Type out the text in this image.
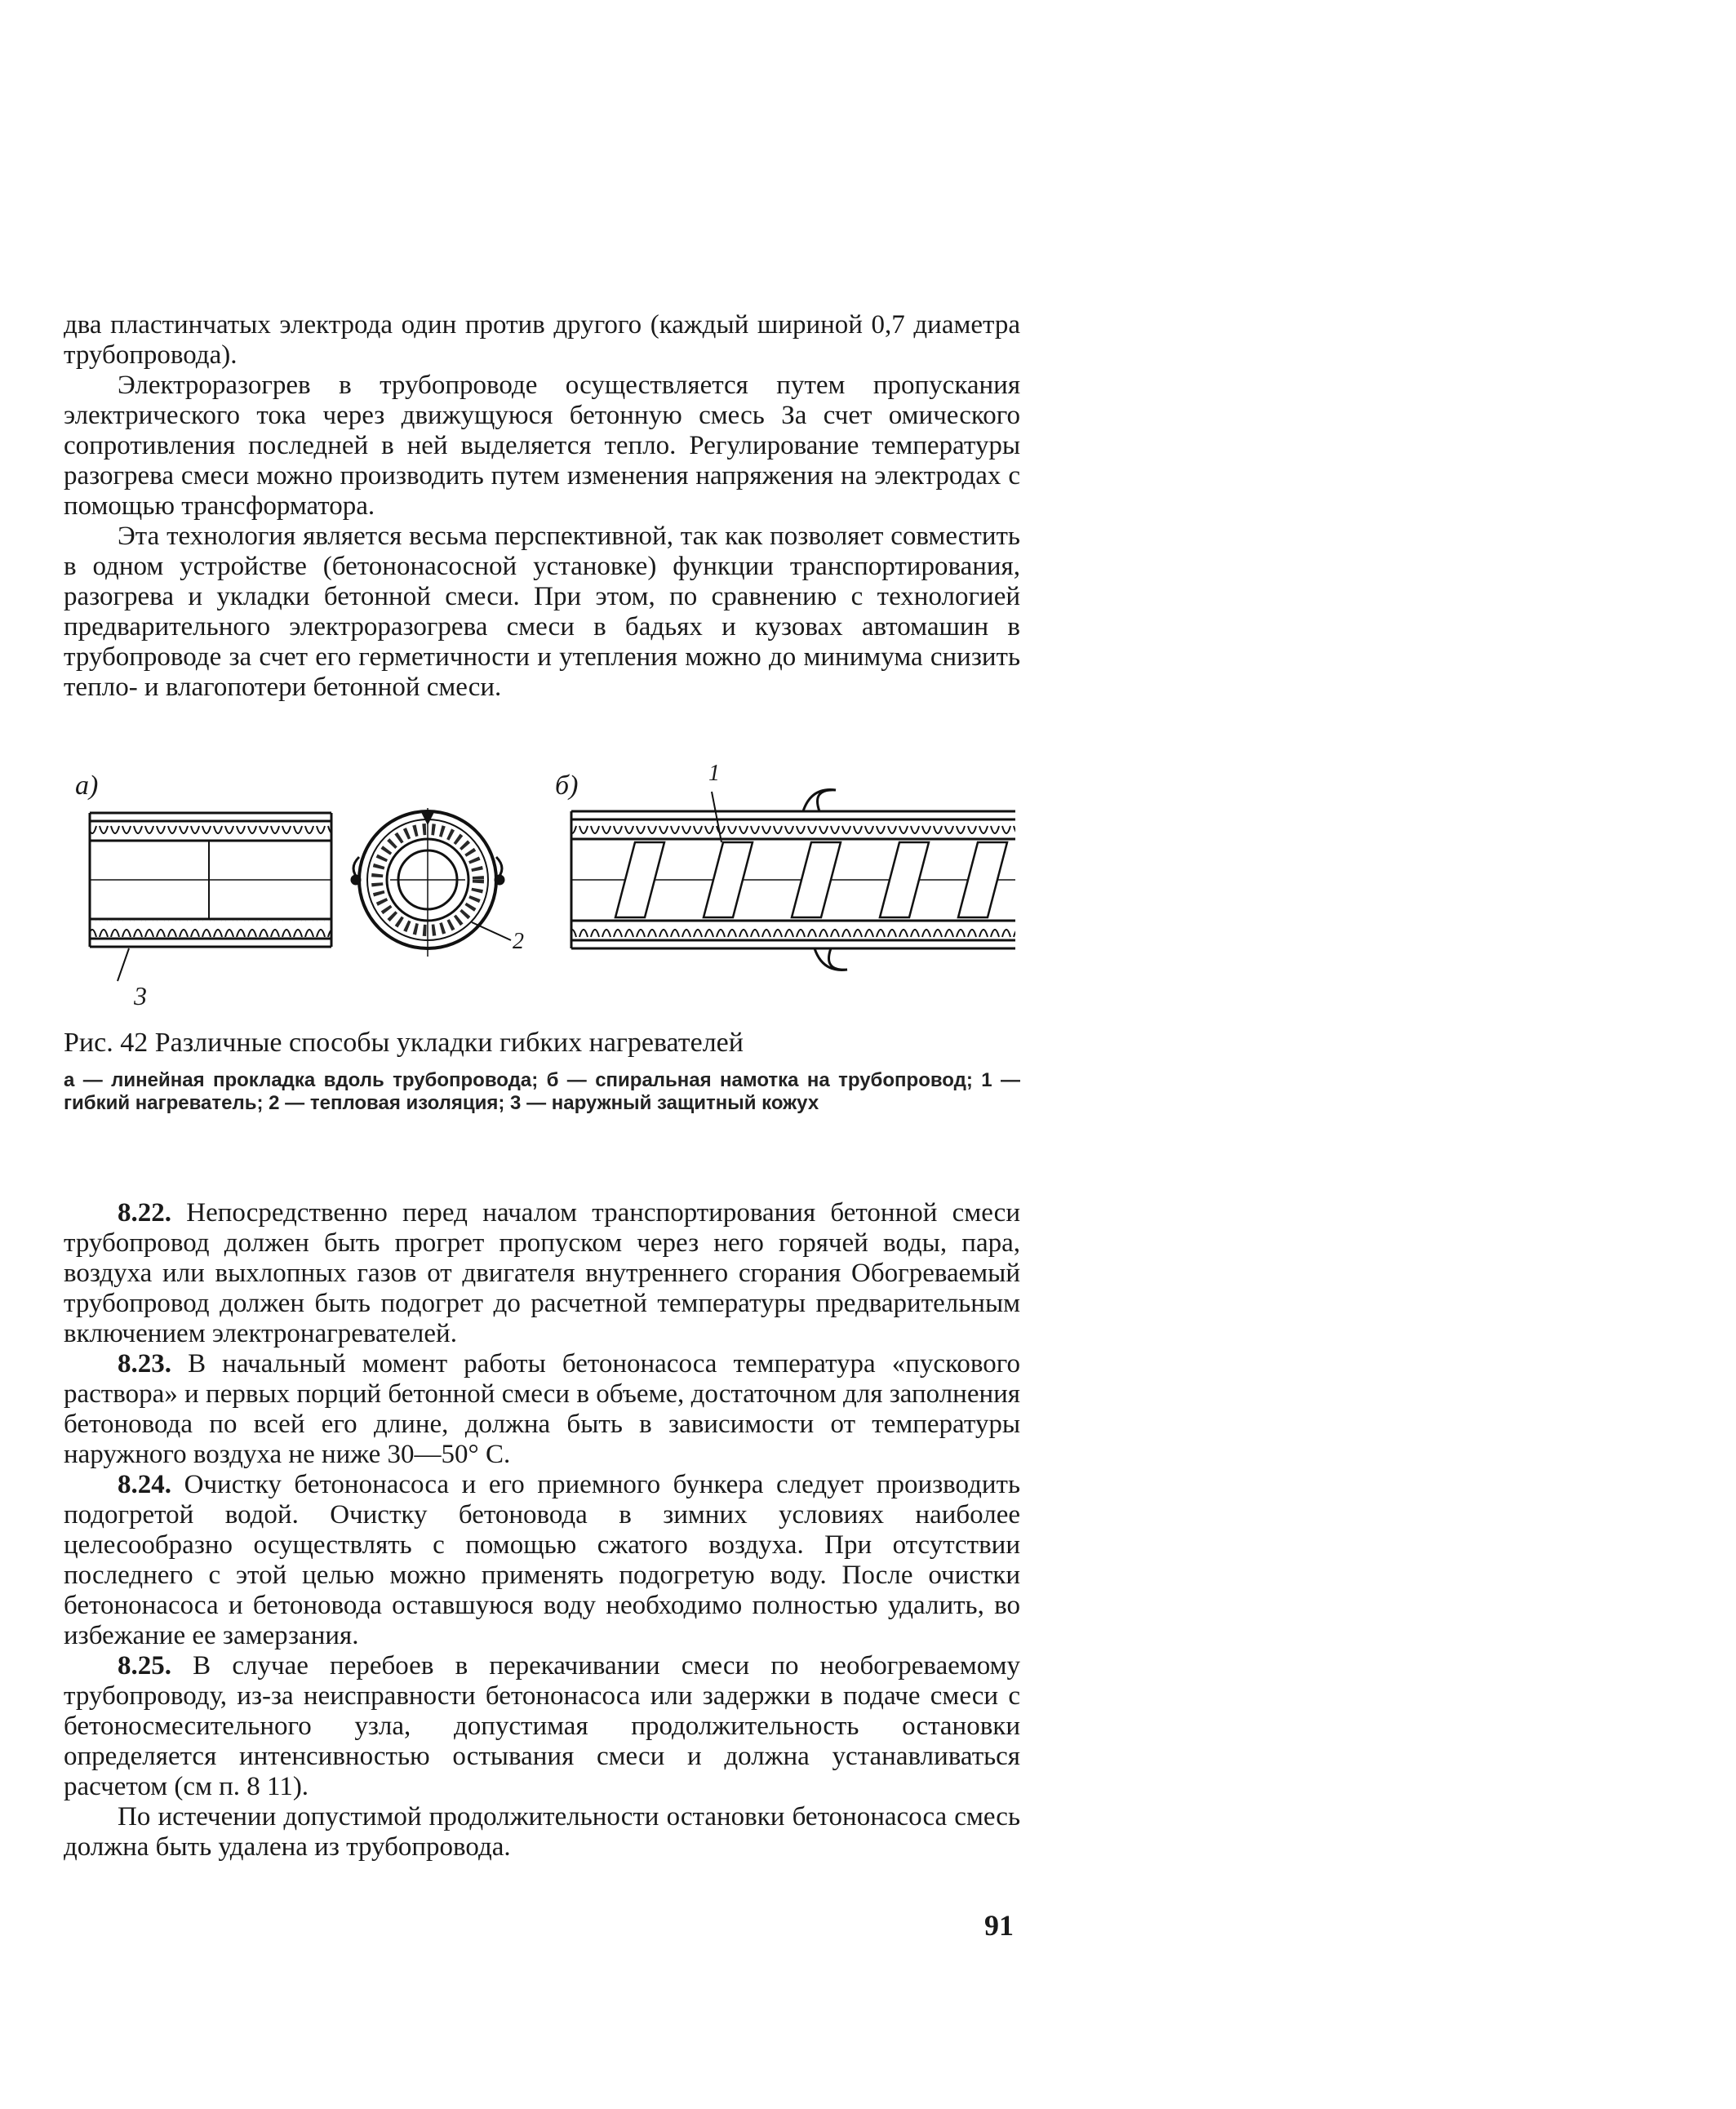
два пластинчатых электрода один против другого (каждый шириной 0,7 диаметра трубопровода).

Электроразогрев в трубопроводе осуществляется путем пропускания электрического тока через движущуюся бетонную смесь За счет омического сопротивления последней в ней выделяется тепло. Регулирование температуры разогрева смеси можно производить путем изменения напряжения на электродах с помощью трансформатора.

Эта технология является весьма перспективной, так как позволяет совместить в одном устройстве (бетононасосной установке) функции транспортирования, разогрева и укладки бетонной смеси. При этом, по сравнению с технологией предварительного электроразогрева смеси в бадьях и кузовах автомашин в трубопроводе за счет его герметичности и утепления можно до минимума снизить тепло- и влагопотери бетонной смеси.

а)	б)	1
2
3
Рис. 42 Различные способы укладки гибких нагревателей
а — линейная прокладка вдоль трубопровода; б — спиральная намотка на трубопровод; 1 — гибкий нагреватель; 2 — тепловая изоляция; 3 — наружный защитный кожух

8.22. Непосредственно перед началом транспортирования бетонной смеси трубопровод должен быть прогрет пропуском через него горячей воды, пара, воздуха или выхлопных газов от двигателя внутреннего сгорания Обогреваемый трубопровод должен быть подогрет до расчетной температуры предварительным включением электронагревателей.

8.23. В начальный момент работы бетононасоса температура «пускового раствора» и первых порций бетонной смеси в объеме, достаточном для заполнения бетоновода по всей его длине, должна быть в зависимости от температуры наружного воздуха не ниже 30—50° С.

8.24. Очистку бетононасоса и его приемного бункера следует производить подогретой водой. Очистку бетоновода в зимних условиях наиболее целесообразно осуществлять с помощью сжатого воздуха. При отсутствии последнего с этой целью можно применять подогретую воду. После очистки бетононасоса и бетоновода оставшуюся воду необходимо полностью удалить, во избежание ее замерзания.

8.25. В случае перебоев в перекачивании смеси по необогреваемому трубопроводу, из-за неисправности бетононасоса или задержки в подаче смеси с бетоносмесительного узла, допустимая продолжительность остановки определяется интенсивностью остывания смеси и должна устанавливаться расчетом (см п. 8 11).

По истечении допустимой продолжительности остановки бетононасоса смесь должна быть удалена из трубопровода.

91
